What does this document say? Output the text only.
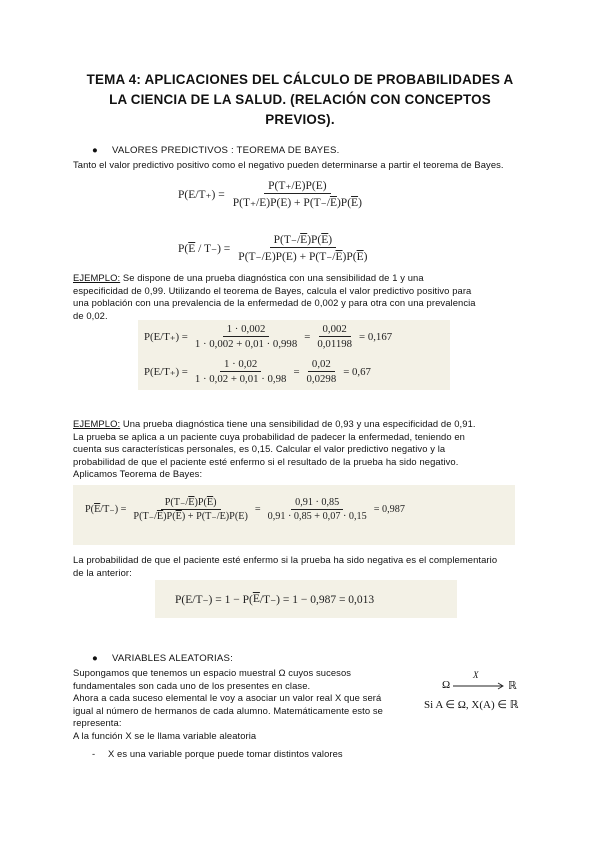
TEMA 4: APLICACIONES DEL CÁLCULO DE PROBABILIDADES A
LA CIENCIA DE LA SALUD. (RELACIÓN CON CONCEPTOS
PREVIOS).
● VALORES PREDICTIVOS : TEOREMA DE BAYES.
Tanto el valor predictivo positivo como el negativo pueden determinarse a partir el teorema de Bayes.
$P(E/T_+) = \frac{P(T_+/E)P(E)}{P(T_+/E)P(E) + P(T_-/\overline{E})P(\overline{E})}$
$P(\overline{E} / T_-) = \frac{P(T_-/\overline{E})P(\overline{E})}{P(T_-/E)P(E) + P(T_-/\overline{E})P(\overline{E})}$
EJEMPLO: Se dispone de una prueba diagnóstica con una sensibilidad de 1 y una
especificidad de 0,99. Utilizando el teorema de Bayes, calcula el valor predictivo positivo para
una población con una prevalencia de la enfermedad de 0,002 y para otra con una prevalencia
de 0,02.
$P(E/T_+) = \frac{1 \cdot 0,002}{1 \cdot 0,002 + 0,01 \cdot 0,998} = \frac{0,002}{0,01198} = 0,167$
$P(E/T_+) = \frac{1 \cdot 0,02}{1 \cdot 0,02 + 0,01 \cdot 0,98} = \frac{0,02}{0,0298} = 0,67$
EJEMPLO: Una prueba diagnóstica tiene una sensibilidad de 0,93 y una especificidad de 0,91.
La prueba se aplica a un paciente cuya probabilidad de padecer la enfermedad, teniendo en
cuenta sus características personales, es 0,15. Calcular el valor predictivo negativo y la
probabilidad de que el paciente esté enfermo si el resultado de la prueba ha sido negativo.
Aplicamos Teorema de Bayes:
$P(\overline{E}/T_-) = \frac{P(T_-/\overline{E})P(\overline{E})}{P(T_-/\overline{E})P(\overline{E}) + P(T_-/E)P(E)} = \frac{0,91 \cdot 0,85}{0,91 \cdot 0,85 + 0,07 \cdot 0,15} = 0,987$
La probabilidad de que el paciente esté enfermo si la prueba ha sido negativa es el complementario
de la anterior:
P(E/T₋) = 1 − P( $\overline{E}$ /T₋) = 1 − 0,987 = 0,013
● VARIABLES ALEATORIAS:
Supongamos que tenemos un espacio muestral Ω cuyos sucesos
fundamentales son cada uno de los presentes en clase.
Ahora a cada suceso elemental le voy a asociar un valor real X que será
igual al número de hermanos de cada alumno. Matemáticamente esto se
representa:
A la función X se le llama variable aleatoria
- X es una variable porque puede tomar distintos valores
Ω
X
ℝ
Si A ∈ Ω, X(A) ∈ ℝ
